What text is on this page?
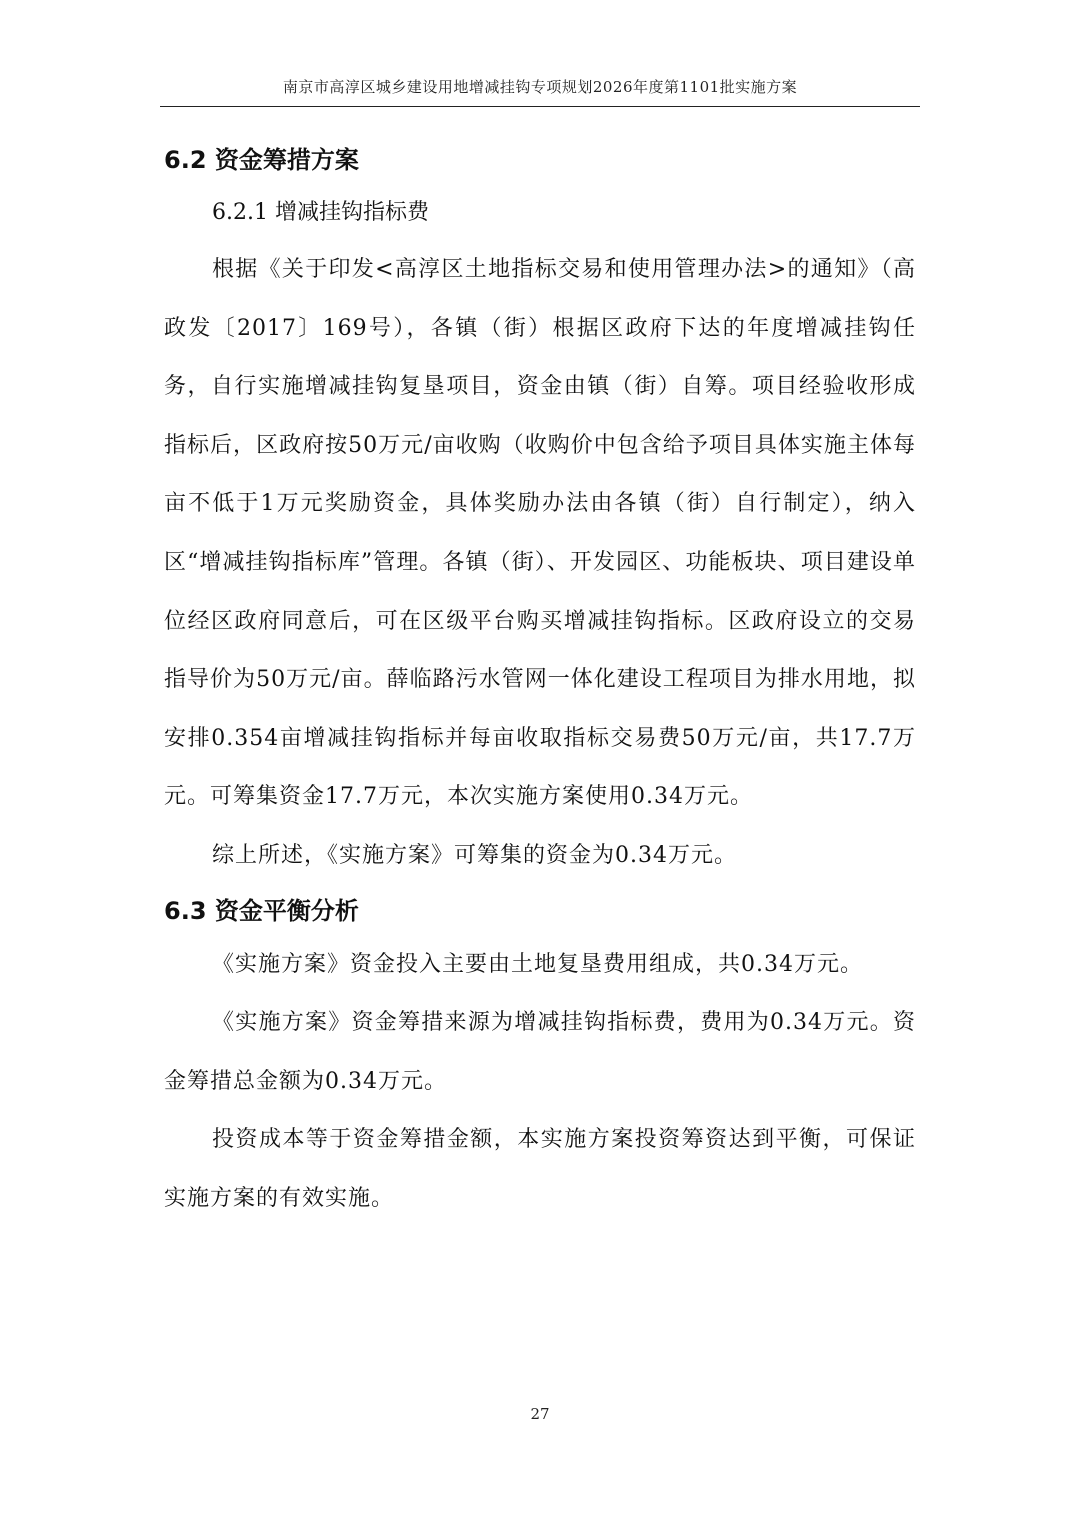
南京市高淳区城乡建设用地增减挂钩专项规划2026年度第1101批实施方案
6.2 资金筹措方案
6.2.1 增减挂钩指标费

根据《关于印发<高淳区土地指标交易和使用管理办法>的通知》（高政发〔2017〕169号），各镇（街）根据区政府下达的年度增减挂钩任务，自行实施增减挂钩复垦项目，资金由镇（街）自筹。项目经验收形成指标后，区政府按50万元/亩收购（收购价中包含给予项目具体实施主体每亩不低于1万元奖励资金，具体奖励办法由各镇（街）自行制定），纳入区“增减挂钩指标库”管理。各镇（街）、开发园区、功能板块、项目建设单位经区政府同意后，可在区级平台购买增减挂钩指标。区政府设立的交易指导价为50万元/亩。薛临路污水管网一体化建设工程项目为排水用地，拟安排0.354亩增减挂钩指标并每亩收取指标交易费50万元/亩，共17.7万元。可筹集资金17.7万元，本次实施方案使用0.34万元。

综上所述，《实施方案》可筹集的资金为0.34万元。

6.3 资金平衡分析

《实施方案》资金投入主要由土地复垦费用组成，共0.34万元。

《实施方案》资金筹措来源为增减挂钩指标费，费用为0.34万元。资金筹措总金额为0.34万元。

投资成本等于资金筹措金额，本实施方案投资筹资达到平衡，可保证实施方案的有效实施。

27
